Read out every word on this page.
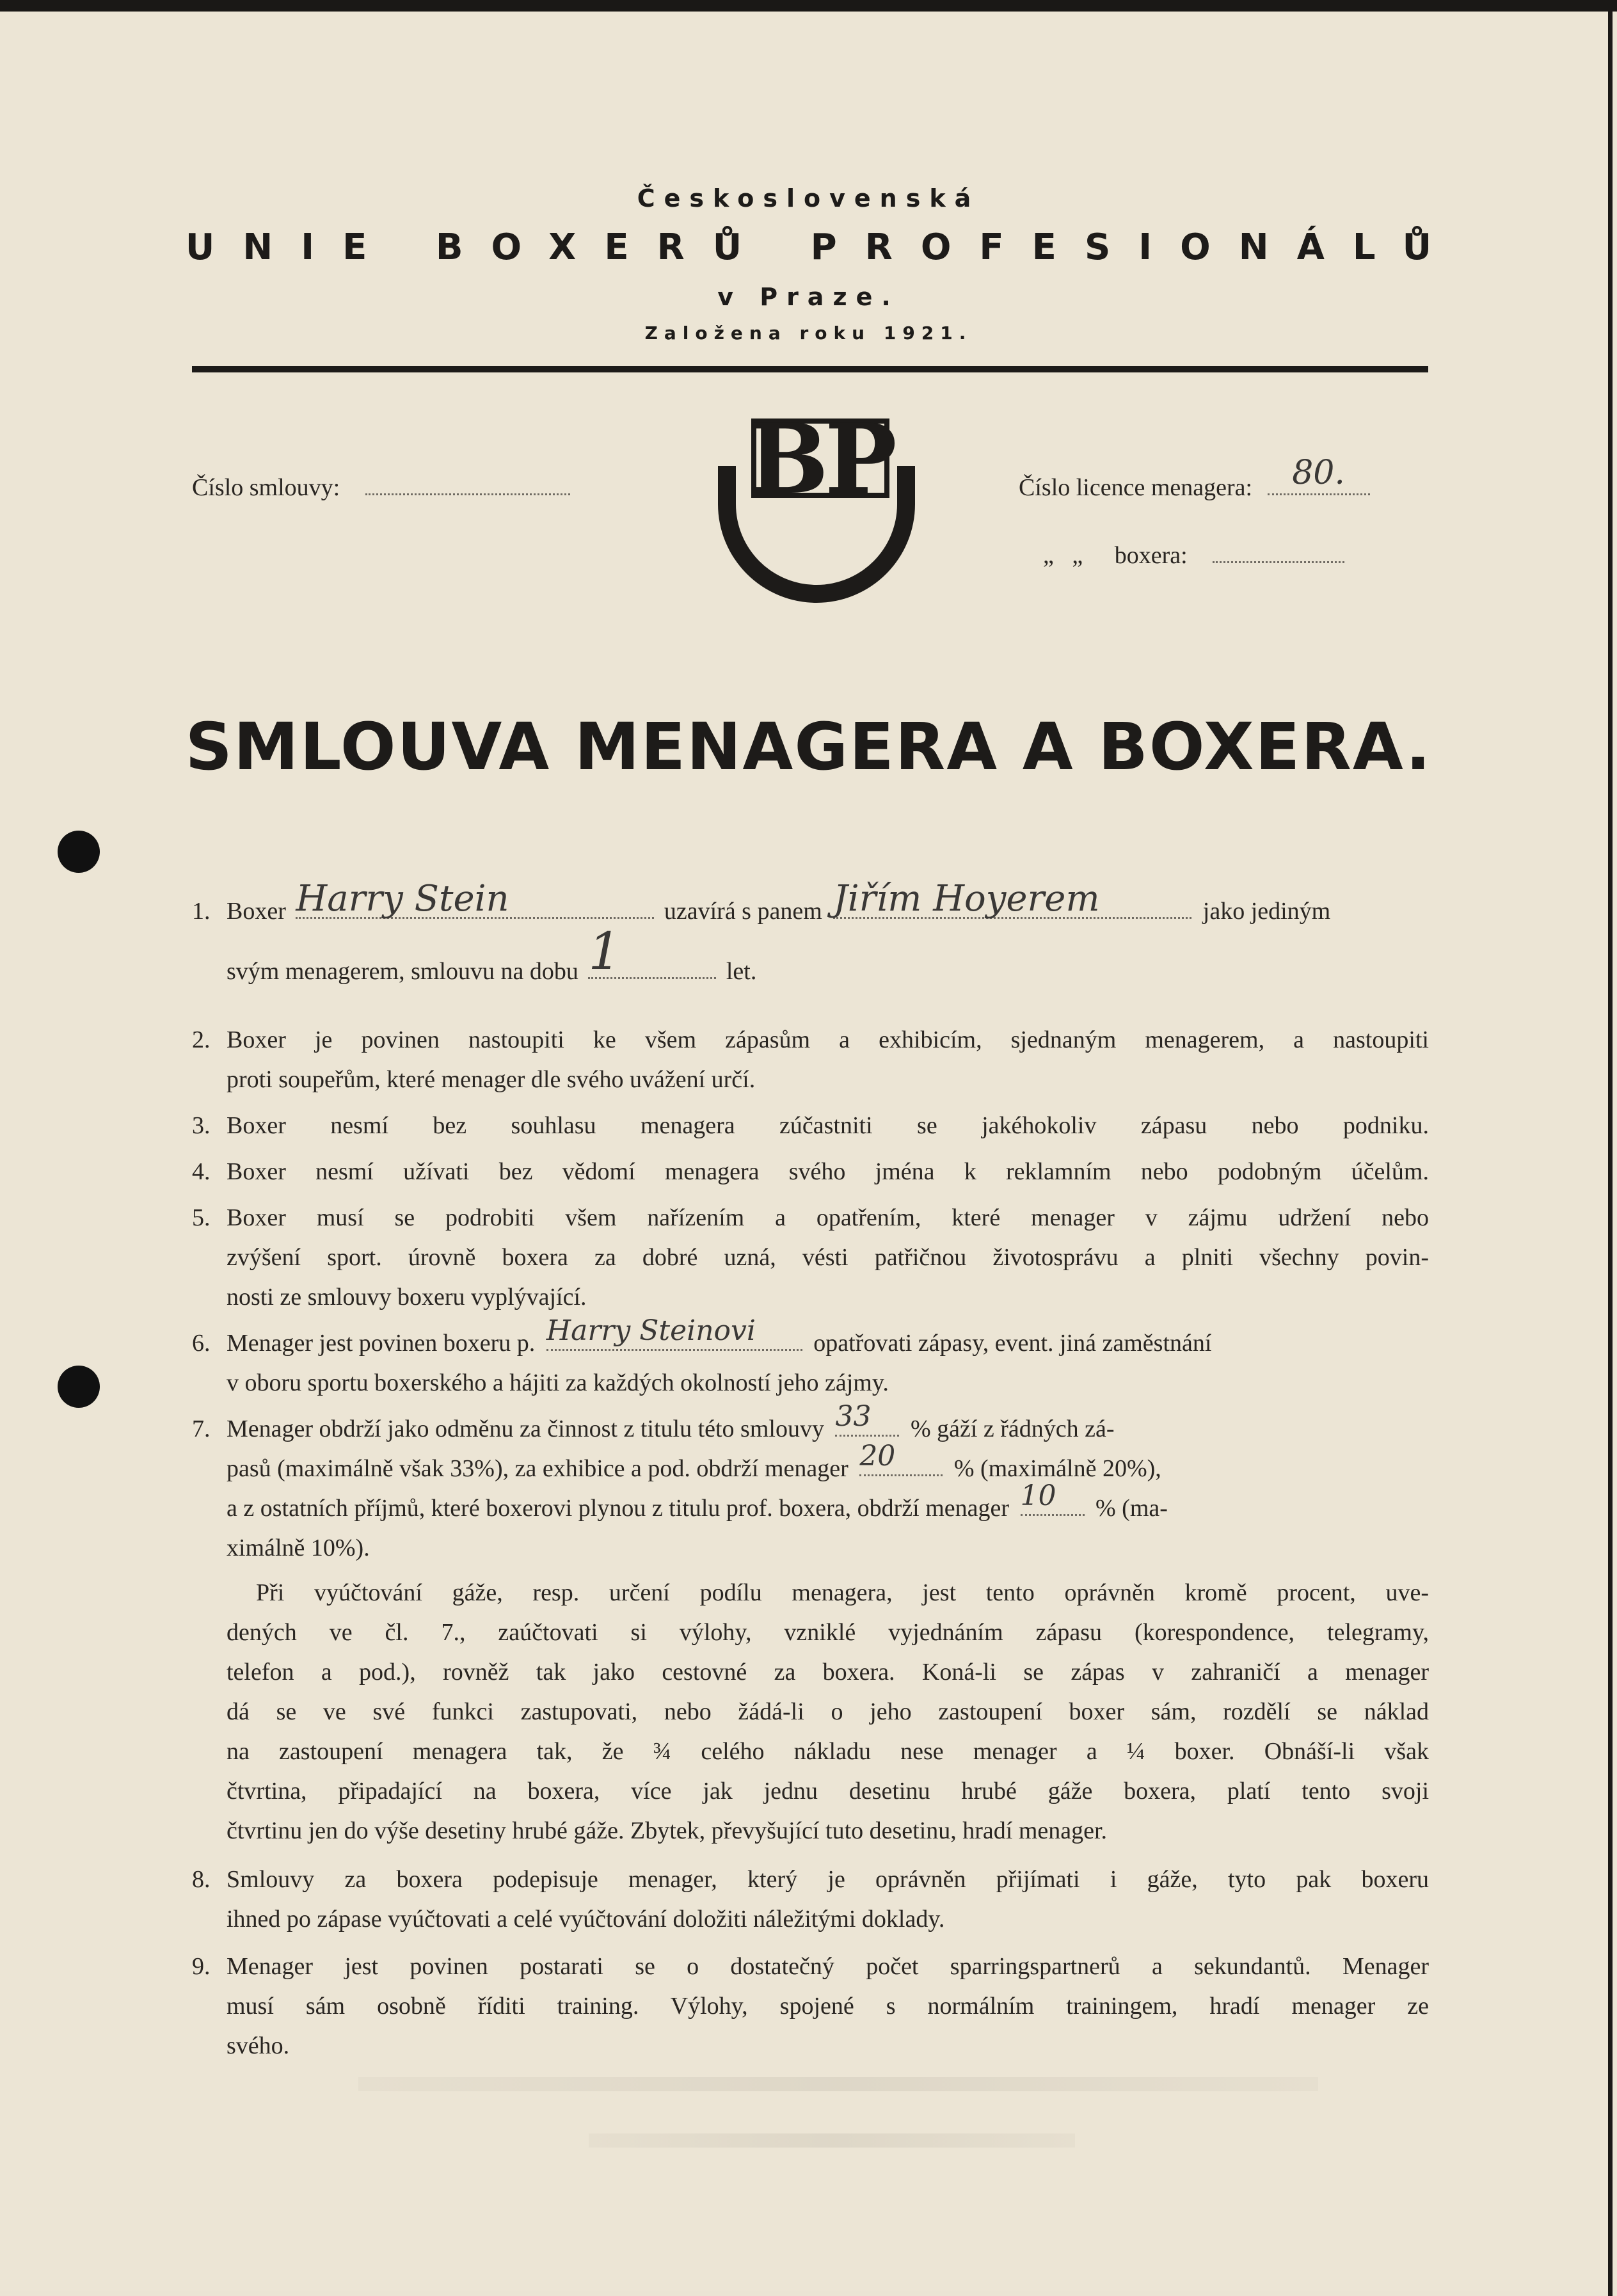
Československá
UNIE BOXERŮ PROFESIONÁLŮ
v Praze.
Založena roku 1921.
BP
Číslo smlouvy:	Číslo licence menagera:	80.
„   „ boxera:
SMLOUVA MENAGERA A BOXERA.
1. Boxer Harry Stein	uzavírá s panem Jiřím Hoyerem	jako jediným
svým menagerem, smlouvu na dobu 1	let.
2. Boxer je povinen nastoupiti ke všem zápasům a exhibicím, sjednaným menagerem, a nastoupiti
proti soupeřům, které menager dle svého uvážení určí.
3. Boxer nesmí bez souhlasu menagera zúčastniti se jakéhokoliv zápasu nebo podniku.
4. Boxer nesmí užívati bez vědomí menagera svého jména k reklamním nebo podobným účelům.
5. Boxer musí se podrobiti všem nařízením a opatřením, které menager v zájmu udržení nebo
zvýšení sport. úrovně boxera za dobré uzná, vésti patřičnou životosprávu a plniti všechny povin-
nosti ze smlouvy boxeru vyplývající.
6. Menager jest povinen boxeru p. Harry Steinovi	opatřovati zápasy, event. jiná zaměstnání
v oboru sportu boxerského a hájiti za každých okolností jeho zájmy.
7. Menager obdrží jako odměnu za činnost z titulu této smlouvy 33	% gáží z řádných zá-
pasů (maximálně však 33%), za exhibice a pod. obdrží menager 20	% (maximálně 20%),
a z ostatních příjmů, které boxerovi plynou z titulu prof. boxera, obdrží menager 10	% (ma-
ximálně 10%).
Při vyúčtování gáže, resp. určení podílu menagera, jest tento oprávněn kromě procent, uve-
dených ve čl. 7., zaúčtovati si výlohy, vzniklé vyjednáním zápasu (korespondence, telegramy,
telefon a pod.), rovněž tak jako cestovné za boxera. Koná-li se zápas v zahraničí a menager
dá se ve své funkci zastupovati, nebo žádá-li o jeho zastoupení boxer sám, rozdělí se náklad
na zastoupení menagera tak, že ¾ celého nákladu nese menager a ¼ boxer. Obnáší-li však
čtvrtina, připadající na boxera, více jak jednu desetinu hrubé gáže boxera, platí tento svoji
čtvrtinu jen do výše desetiny hrubé gáže. Zbytek, převyšující tuto desetinu, hradí menager.
8. Smlouvy za boxera podepisuje menager, který je oprávněn přijímati i gáže, tyto pak boxeru
ihned po zápase vyúčtovati a celé vyúčtování doložiti náležitými doklady.
9. Menager jest povinen postarati se o dostatečný počet sparringspartnerů a sekundantů. Menager
musí sám osobně říditi training. Výlohy, spojené s normálním trainingem, hradí menager ze
svého.
